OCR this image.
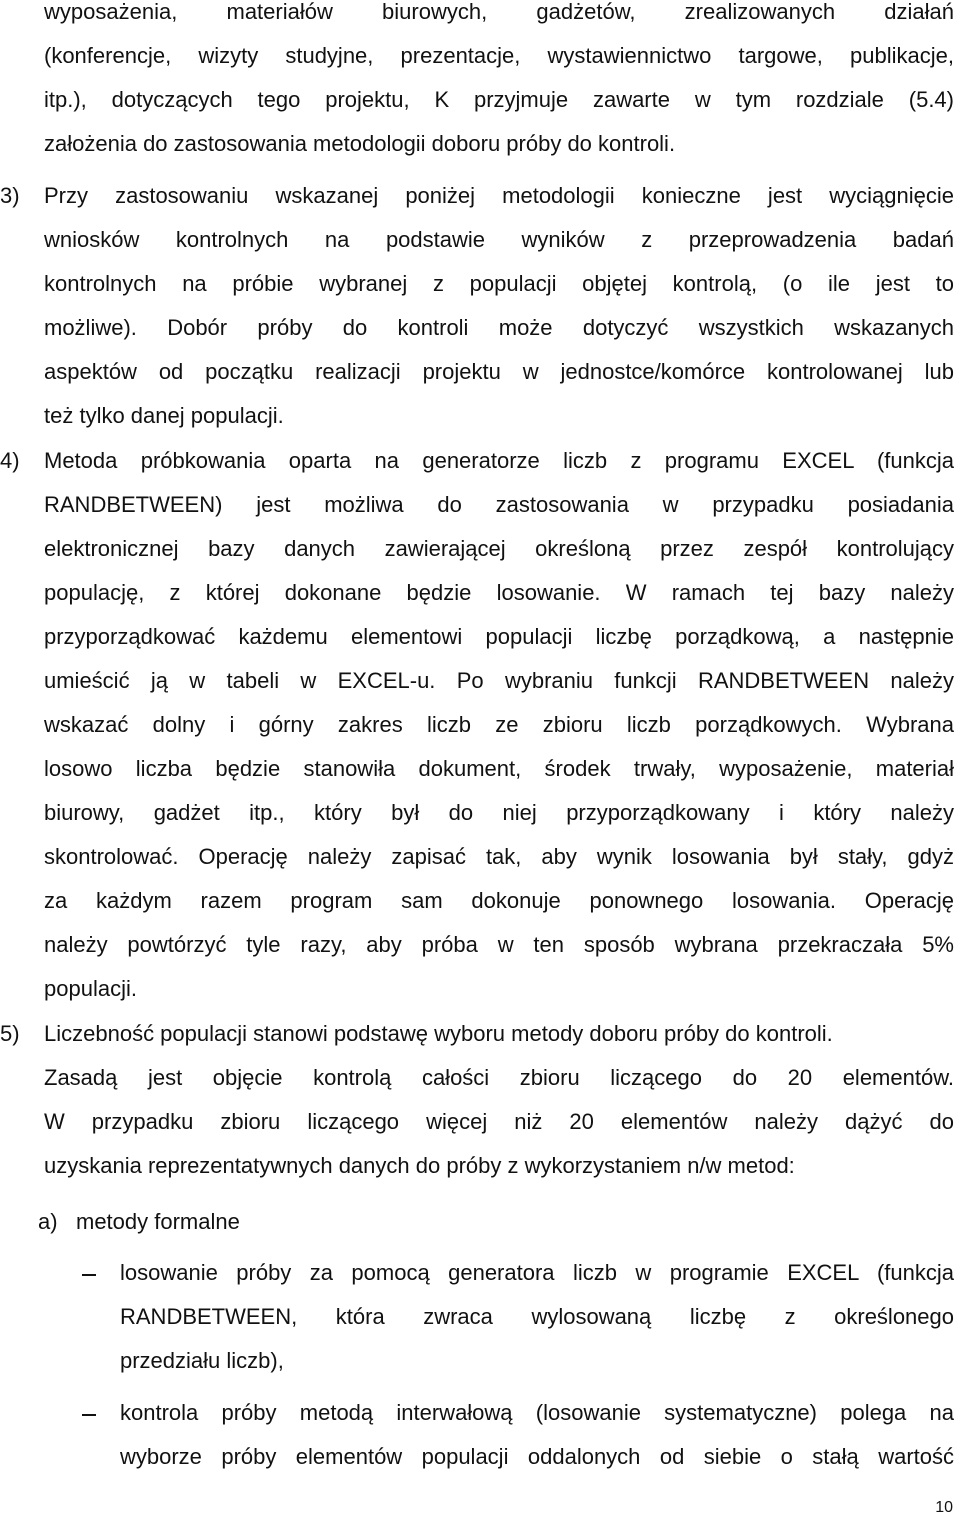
wyposażenia, materiałów biurowych, gadżetów, zrealizowanych działań
(konferencje, wizyty studyjne, prezentacje, wystawiennictwo targowe, publikacje,
itp.), dotyczących tego projektu, K przyjmuje zawarte w tym rozdziale (5.4)
założenia do zastosowania metodologii doboru próby do kontroli.
3) Przy zastosowaniu wskazanej poniżej metodologii konieczne jest wyciągnięcie
wniosków kontrolnych na podstawie wyników z przeprowadzenia badań
kontrolnych na próbie wybranej z populacji objętej kontrolą, (o ile jest to
możliwe). Dobór próby do kontroli może dotyczyć wszystkich wskazanych
aspektów od początku realizacji projektu w jednostce/komórce kontrolowanej lub
też tylko danej populacji.
4) Metoda próbkowania oparta na generatorze liczb z programu EXCEL (funkcja
RANDBETWEEN) jest możliwa do zastosowania w przypadku posiadania
elektronicznej bazy danych zawierającej określoną przez zespół kontrolujący
populację, z której dokonane będzie losowanie. W ramach tej bazy należy
przyporządkować każdemu elementowi populacji liczbę porządkową, a następnie
umieścić ją w tabeli w EXCEL-u. Po wybraniu funkcji RANDBETWEEN należy
wskazać dolny i górny zakres liczb ze zbioru liczb porządkowych. Wybrana
losowo liczba będzie stanowiła dokument, środek trwały, wyposażenie, materiał
biurowy, gadżet itp., który był do niej przyporządkowany i który należy
skontrolować. Operację należy zapisać tak, aby wynik losowania był stały, gdyż
za każdym razem program sam dokonuje ponownego losowania. Operację
należy powtórzyć tyle razy, aby próba w ten sposób wybrana przekraczała 5%
populacji.
5) Liczebność populacji stanowi podstawę wyboru metody doboru próby do kontroli.
Zasadą jest objęcie kontrolą całości zbioru liczącego do 20 elementów.
W przypadku zbioru liczącego więcej niż 20 elementów należy dążyć do
uzyskania reprezentatywnych danych do próby z wykorzystaniem n/w metod:
a) metody formalne
losowanie próby za pomocą generatora liczb w programie EXCEL (funkcja
RANDBETWEEN, która zwraca wylosowaną liczbę z określonego
przedziału liczb),
kontrola próby metodą interwałową (losowanie systematyczne) polega na
wyborze próby elementów populacji oddalonych od siebie o stałą wartość
10
